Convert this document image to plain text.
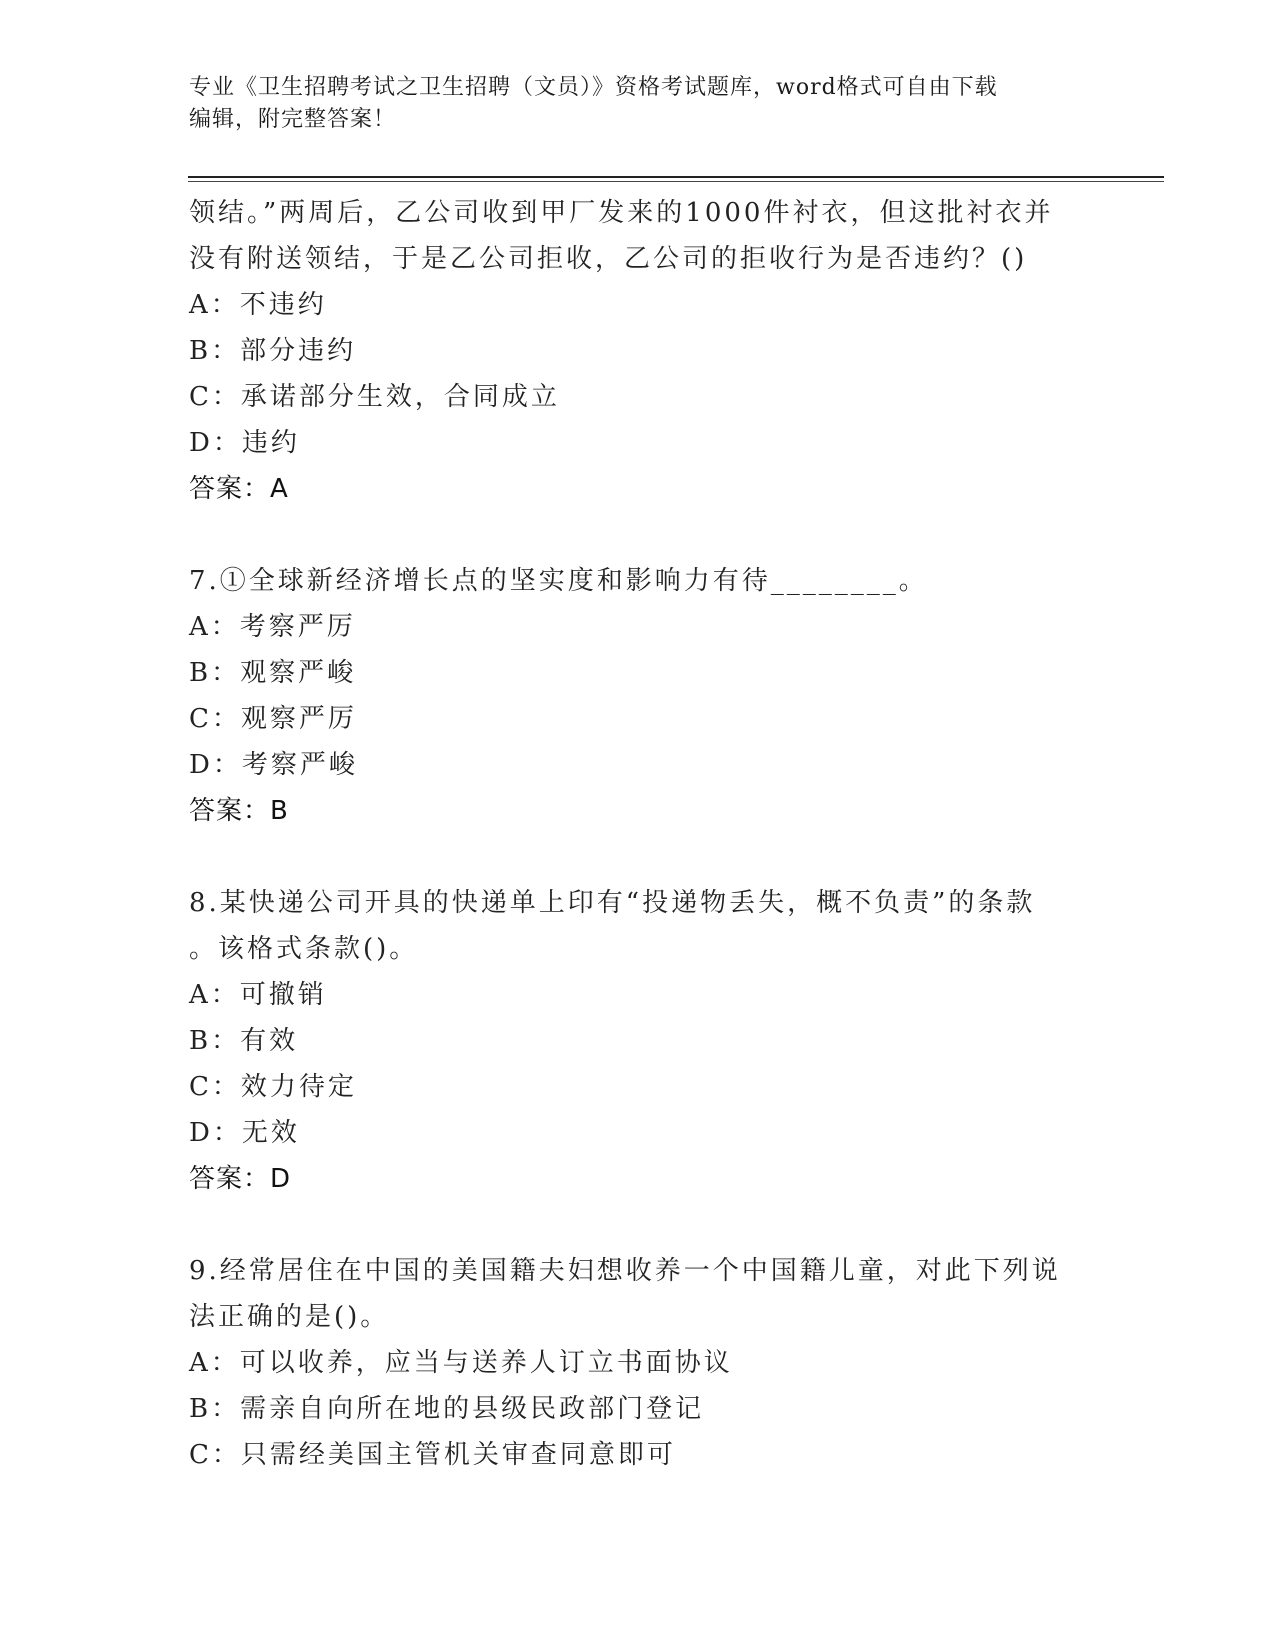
专业《卫生招聘考试之卫生招聘（文员）》资格考试题库，word格式可自由下载
编辑，附完整答案！
领结。”两周后，乙公司收到甲厂发来的1000件衬衣，但这批衬衣并
没有附送领结，于是乙公司拒收，乙公司的拒收行为是否违约？()
A：不违约
B：部分违约
C：承诺部分生效，合同成立
D：违约
答案：A
7.①全球新经济增长点的坚实度和影响力有待________。
A：考察严厉
B：观察严峻
C：观察严厉
D：考察严峻
答案：B
8.某快递公司开具的快递单上印有“投递物丢失，概不负责”的条款
。该格式条款()。
A：可撤销
B：有效
C：效力待定
D：无效
答案：D
9.经常居住在中国的美国籍夫妇想收养一个中国籍儿童，对此下列说
法正确的是()。
A：可以收养，应当与送养人订立书面协议
B：需亲自向所在地的县级民政部门登记
C：只需经美国主管机关审查同意即可
